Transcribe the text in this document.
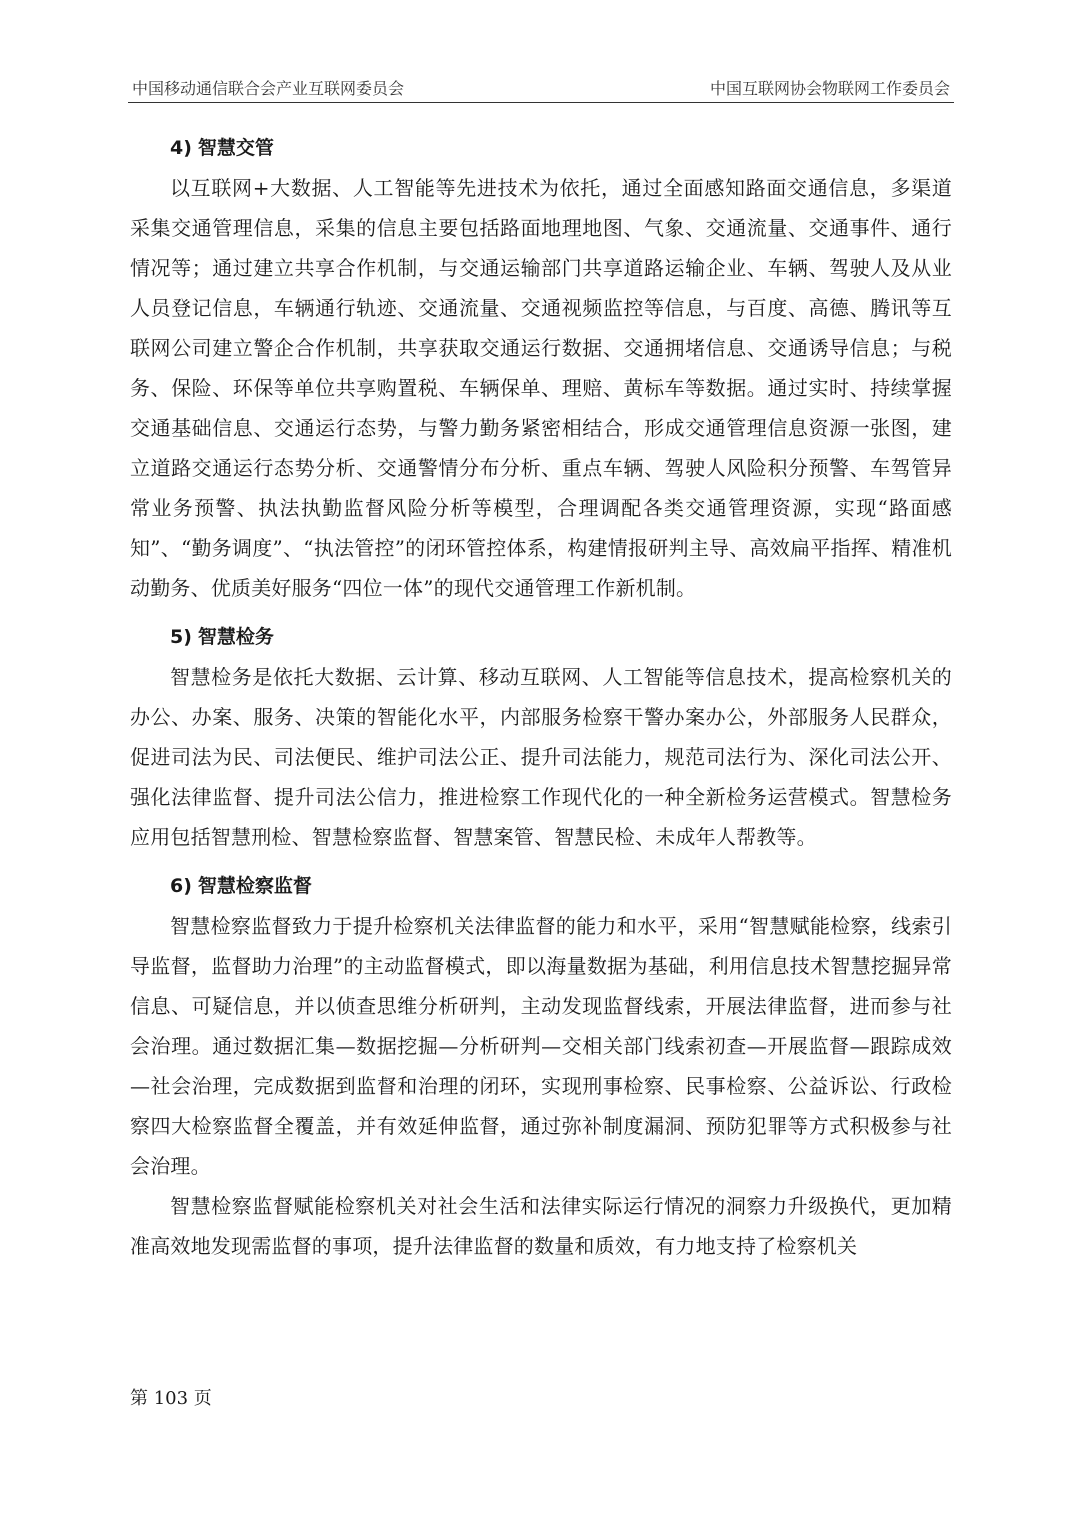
中国移动通信联合会产业互联网委员会	中国互联网协会物联网工作委员会
4) 智慧交管

以互联网+大数据、人工智能等先进技术为依托，通过全面感知路面交通信息，多渠道采集交通管理信息，采集的信息主要包括路面地理地图、气象、交通流量、交通事件、通行情况等；通过建立共享合作机制，与交通运输部门共享道路运输企业、车辆、驾驶人及从业人员登记信息，车辆通行轨迹、交通流量、交通视频监控等信息，与百度、高德、腾讯等互联网公司建立警企合作机制，共享获取交通运行数据、交通拥堵信息、交通诱导信息；与税务、保险、环保等单位共享购置税、车辆保单、理赔、黄标车等数据。通过实时、持续掌握交通基础信息、交通运行态势，与警力勤务紧密相结合，形成交通管理信息资源一张图，建立道路交通运行态势分析、交通警情分布分析、重点车辆、驾驶人风险积分预警、车驾管异常业务预警、执法执勤监督风险分析等模型，合理调配各类交通管理资源，实现“路面感知”、“勤务调度”、“执法管控”的闭环管控体系，构建情报研判主导、高效扁平指挥、精准机动勤务、优质美好服务“四位一体”的现代交通管理工作新机制。

5) 智慧检务

智慧检务是依托大数据、云计算、移动互联网、人工智能等信息技术，提高检察机关的办公、办案、服务、决策的智能化水平，内部服务检察干警办案办公，外部服务人民群众，促进司法为民、司法便民、维护司法公正、提升司法能力，规范司法行为、深化司法公开、强化法律监督、提升司法公信力，推进检察工作现代化的一种全新检务运营模式。智慧检务应用包括智慧刑检、智慧检察监督、智慧案管、智慧民检、未成年人帮教等。

6) 智慧检察监督

智慧检察监督致力于提升检察机关法律监督的能力和水平，采用“智慧赋能检察，线索引导监督，监督助力治理”的主动监督模式，即以海量数据为基础，利用信息技术智慧挖掘异常信息、可疑信息，并以侦查思维分析研判，主动发现监督线索，开展法律监督，进而参与社会治理。通过数据汇集—数据挖掘—分析研判—交相关部门线索初查—开展监督—跟踪成效—社会治理，完成数据到监督和治理的闭环，实现刑事检察、民事检察、公益诉讼、行政检察四大检察监督全覆盖，并有效延伸监督，通过弥补制度漏洞、预防犯罪等方式积极参与社会治理。

智慧检察监督赋能检察机关对社会生活和法律实际运行情况的洞察力升级换代，更加精准高效地发现需监督的事项，提升法律监督的数量和质效，有力地支持了检察机关

第 103 页
